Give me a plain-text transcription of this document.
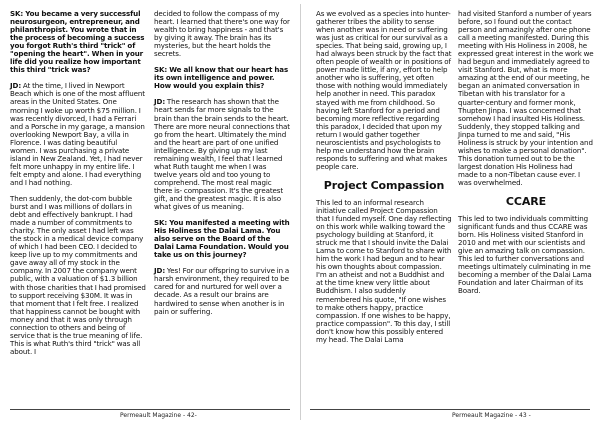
SK: You became a very successful neurosurgeon, entrepreneur, and philanthropist. You wrote that in the process of becoming a success you forgot Ruth's third "trick" of "opening the heart". When in your life did you realize how important this third "trick was?

JD: At the time, I lived in Newport Beach which is one of the most affluent areas in the United States. One morning I woke up worth $75 million. I was recently divorced, I had a Ferrari and a Porsche in my garage, a mansion overlooking Newport Bay, a villa in Florence. I was dating beautiful women. I was purchasing a private island in New Zealand. Yet, I had never felt more unhappy in my entire life. I felt empty and alone. I had everything and I had nothing.

Then suddenly, the dot-com bubble burst and I was millions of dollars in debt and effectively bankrupt. I had made a number of commitments to charity. The only asset I had left was the stock in a medical device company of which I had been CEO. I decided to keep live up to my commitments and gave away all of my stock in the company. In 2007 the company went public, with a valuation of $1.3 billion with those charities that I had promised to support receiving $30M. It was in that moment that I felt free. I realized that happiness cannot be bought with money and that it was only through connection to others and being of service that is the true meaning of life. This is what Ruth's third "trick" was all about. I

decided to follow the compass of my heart. I learned that there's one way for wealth to bring happiness - and that's by giving it away. The brain has its mysteries, but the heart holds the secrets.

SK: We all know that our heart has its own intelligence and power. How would you explain this?

JD: The research has shown that the heart sends far more signals to the brain than the brain sends to the heart. There are more neural connections that go from the heart. Ultimately the mind and the heart are part of one unified intelligence. By giving up my last remaining wealth, I feel that I learned what Ruth taught me when I was twelve years old and too young to comprehend. The most real magic there is- compassion. It's the greatest gift, and the greatest magic. It is also what gives of us meaning.

SK: You manifested a meeting with His Holiness the Dalai Lama. You also serve on the Board of the Dalai Lama Foundation. Would you take us on this journey?

JD: Yes! For our offspring to survive in a harsh environment, they required to be cared for and nurtured for well over a decade. As a result our brains are hardwired to sense when another is in pain or suffering.

As we evolved as a species into hunter-gatherer tribes the ability to sense when another was in need or suffering was just as critical for our survival as a species. That being said, growing up, I had always been struck by the fact that often people of wealth or in positions of power made little, if any, effort to help another who is suffering, yet often those with nothing would immediately help another in need. This paradox stayed with me from childhood. So having left Stanford for a period and becoming more reflective regarding this paradox, I decided that upon my return I would gather together neuroscientists and psychologists to help me understand how the brain responds to suffering and what makes people care.

Project Compassion

This led to an informal research initiative called Project Compassion that I funded myself. One day reflecting on this work while walking toward the psychology building at Stanford, it struck me that I should invite the Dalai Lama to come to Stanford to share with him the work I had begun and to hear his own thoughts about compassion. I'm an atheist and not a Buddhist and at the time knew very little about Buddhism. I also suddenly remembered his quote, "If one wishes to make others happy, practice compassion. If one wishes to be happy, practice compassion". To this day, I still don't know how this possibly entered my head. The Dalai Lama

had visited Stanford a number of years before, so I found out the contact person and amazingly after one phone call a meeting manifested. During this meeting with His Holiness in 2008, he expressed great interest in the work we had begun and immediately agreed to visit Stanford. But, what is more amazing at the end of our meeting, he began an animated conversation in Tibetan with his translator for a quarter-century and former monk, Thupten Jinpa. I was concerned that somehow I had insulted His Holiness. Suddenly, they stopped talking and Jinpa turned to me and said, "His Holiness is struck by your intention and wishes to make a personal donation". This donation turned out to be the largest donation His Holiness had made to a non-Tibetan cause ever. I was overwhelmed.

CCARE

This led to two individuals committing significant funds and thus CCARE was born. His Holiness visited Stanford in 2010 and met with our scientists and give an amazing talk on compassion. This led to further conversations and meetings ultimately culminating in me becoming a member of the Dalai Lama Foundation and later Chairman of its Board.

Permeault Magazine - 42-	Permeault Magazine - 43 -
